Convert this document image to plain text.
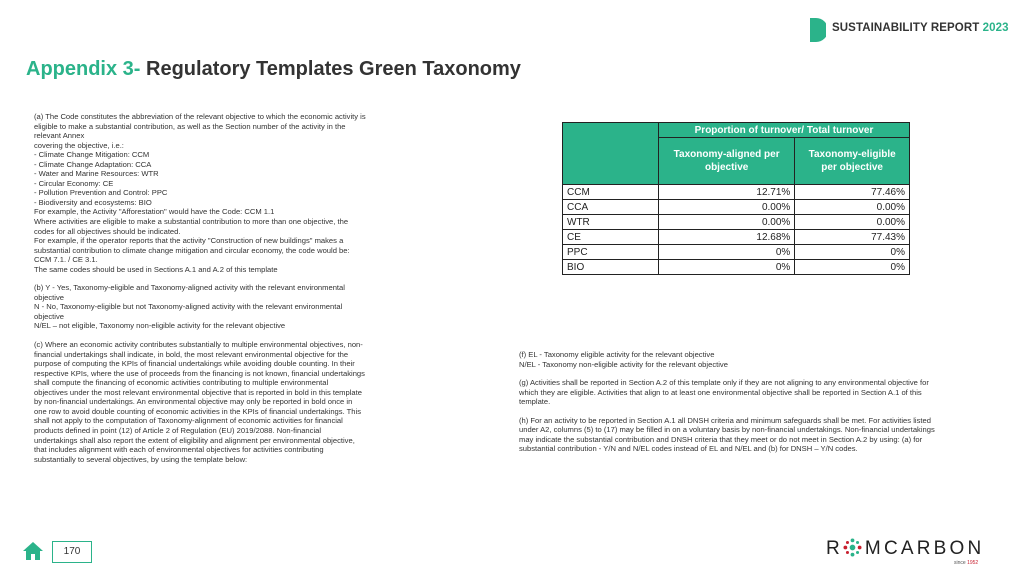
SUSTAINABILITY REPORT 2023
Appendix 3- Regulatory Templates Green Taxonomy
(a) The Code constitutes the abbreviation of the relevant objective to which the economic activity is
eligible to make a substantial contribution, as well as the Section number of the activity in the
relevant Annex
covering the objective, i.e.:
- Climate Change Mitigation: CCM
- Climate Change Adaptation: CCA
- Water and Marine Resources: WTR
- Circular Economy: CE
- Pollution Prevention and Control: PPC
- Biodiversity and ecosystems: BIO
For example, the Activity "Afforestation" would have the Code: CCM 1.1
Where activities are eligible to make a substantial contribution to more than one objective, the
codes for all objectives should be indicated.
For example, if the operator reports that the activity "Construction of new buildings" makes a
substantial contribution to climate change mitigation and circular economy, the code would be:
CCM 7.1. / CE 3.1.
The same codes should be used in Sections A.1 and A.2 of this template
(b) Y - Yes, Taxonomy-eligible and Taxonomy-aligned activity with the relevant environmental
objective
N - No, Taxonomy-eligible but not Taxonomy-aligned activity with the relevant environmental
objective
N/EL – not eligible, Taxonomy non-eligible activity for the relevant objective
(c) Where an economic activity contributes substantially to multiple environmental objectives, non-
financial undertakings shall indicate, in bold, the most relevant environmental objective for the
purpose of computing the KPIs of financial undertakings while avoiding double counting. In their
respective KPIs, where the use of proceeds from the financing is not known, financial undertakings
shall compute the financing of economic activities contributing to multiple environmental
objectives under the most relevant environmental objective that is reported in bold in this template
by non-financial undertakings. An environmental objective may only be reported in bold once in
one row to avoid double counting of economic activities in the KPIs of financial undertakings. This
shall not apply to the computation of Taxonomy-alignment of economic activities for financial
products defined in point (12) of Article 2 of Regulation (EU) 2019/2088. Non-financial
undertakings shall also report the extent of eligibility and alignment per environmental objective,
that includes alignment with each of environmental objectives for activities contributing
substantially to several objectives, by using the template below:
	Proportion of turnover/ Total turnover	

	Taxonomy-aligned per
objective	Taxonomy-eligible
per objective

CCM	12.71%	77.46%
CCA	0.00%	0.00%
WTR	0.00%	0.00%
CE	12.68%	77.43%
PPC	0%	0%
BIO	0%	0%
(f) EL - Taxonomy eligible activity for the relevant objective
N/EL - Taxonomy non-eligible activity for the relevant objective
(g) Activities shall be reported in Section A.2 of this template only if they are not aligning to any environmental objective for
which they are eligible. Activities that align to at least one environmental objective shall be reported in Section A.1 of this
template.
(h) For an activity to be reported in Section A.1 all DNSH criteria and minimum safeguards shall be met. For activities listed
under A2, columns (5) to (17) may be filled in on a voluntary basis by non-financial undertakings. Non-financial undertakings
may indicate the substantial contribution and DNSH criteria that they meet or do not meet in Section A.2 by using: (a) for
substantial contribution - Y/N and N/EL codes instead of EL and N/EL and (b) for DNSH – Y/N codes.
170	R MCARBON
since 1952
